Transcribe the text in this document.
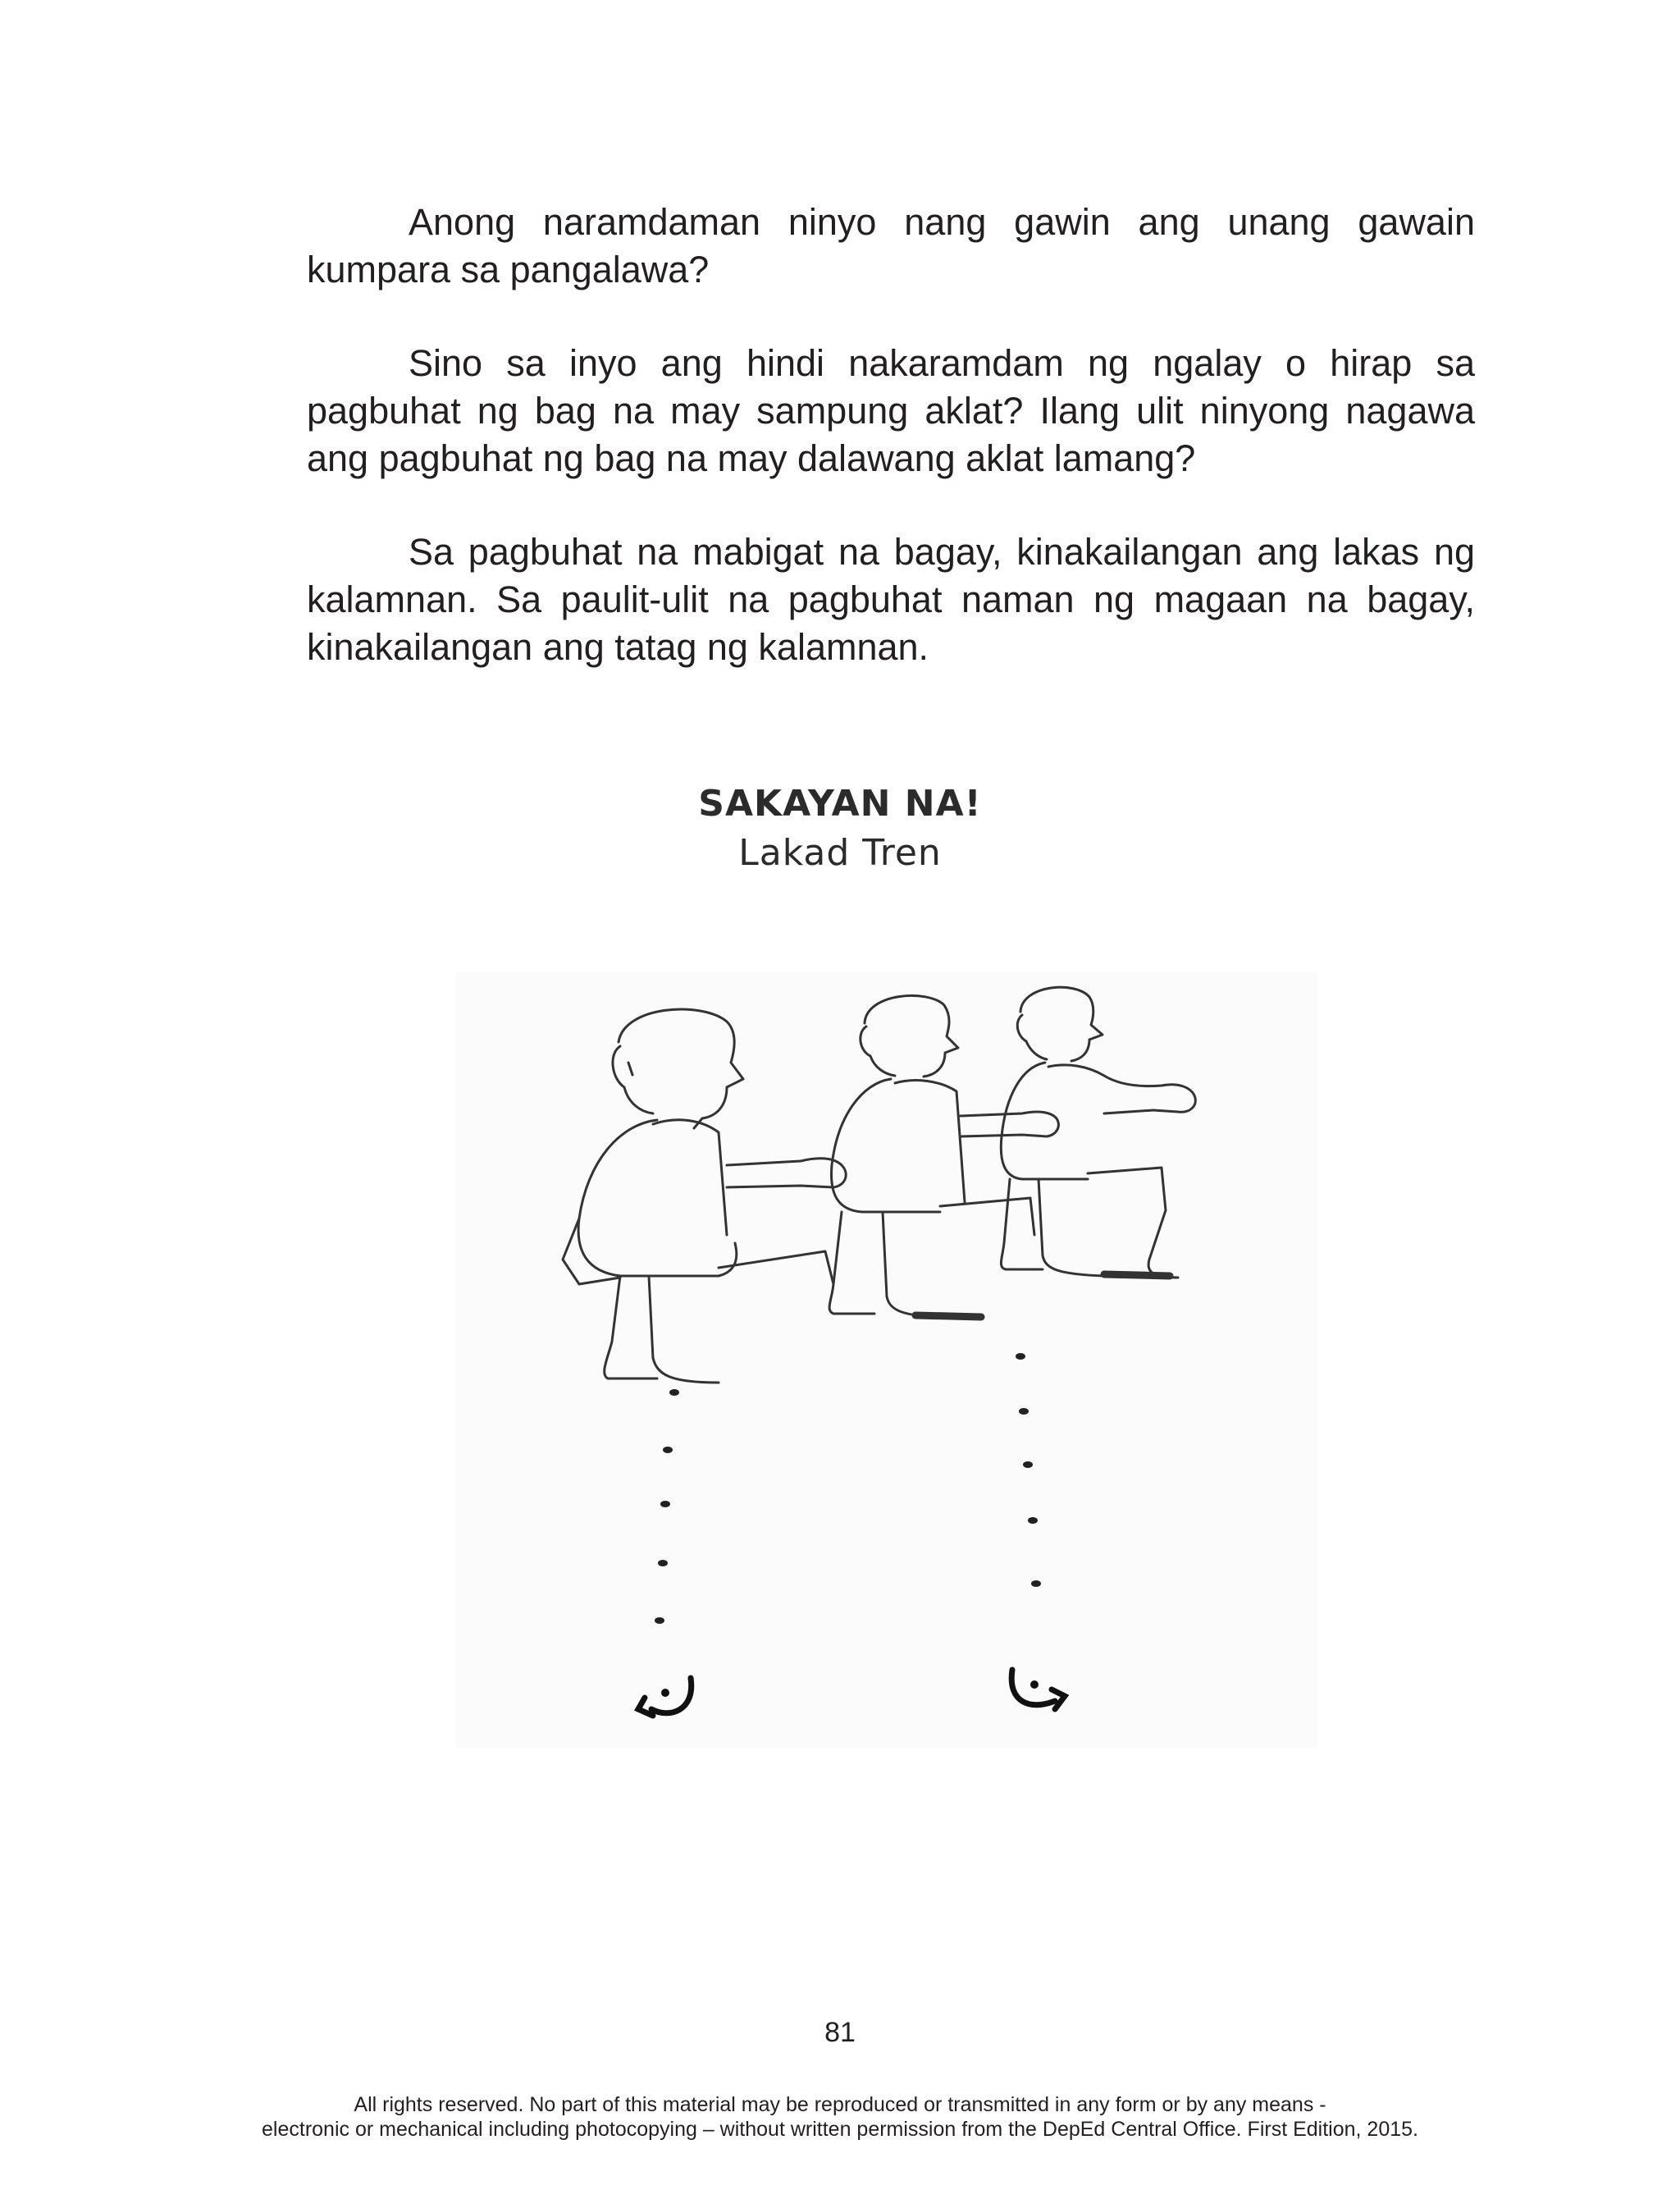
Anong naramdaman ninyo nang gawin ang unang gawain kumpara sa pangalawa?

Sino sa inyo ang hindi nakaramdam ng ngalay o hirap sa pagbuhat ng bag na may sampung aklat? Ilang ulit ninyong nagawa ang pagbuhat ng bag na may dalawang aklat lamang?

Sa pagbuhat na mabigat na bagay, kinakailangan ang lakas ng kalamnan. Sa paulit-ulit na pagbuhat naman ng magaan na bagay, kinakailangan ang tatag ng kalamnan.

SAKAYAN NA!
Lakad Tren
81
All rights reserved. No part of this material may be reproduced or transmitted in any form or by any means -
electronic or mechanical including photocopying – without written permission from the DepEd Central Office. First Edition, 2015.
